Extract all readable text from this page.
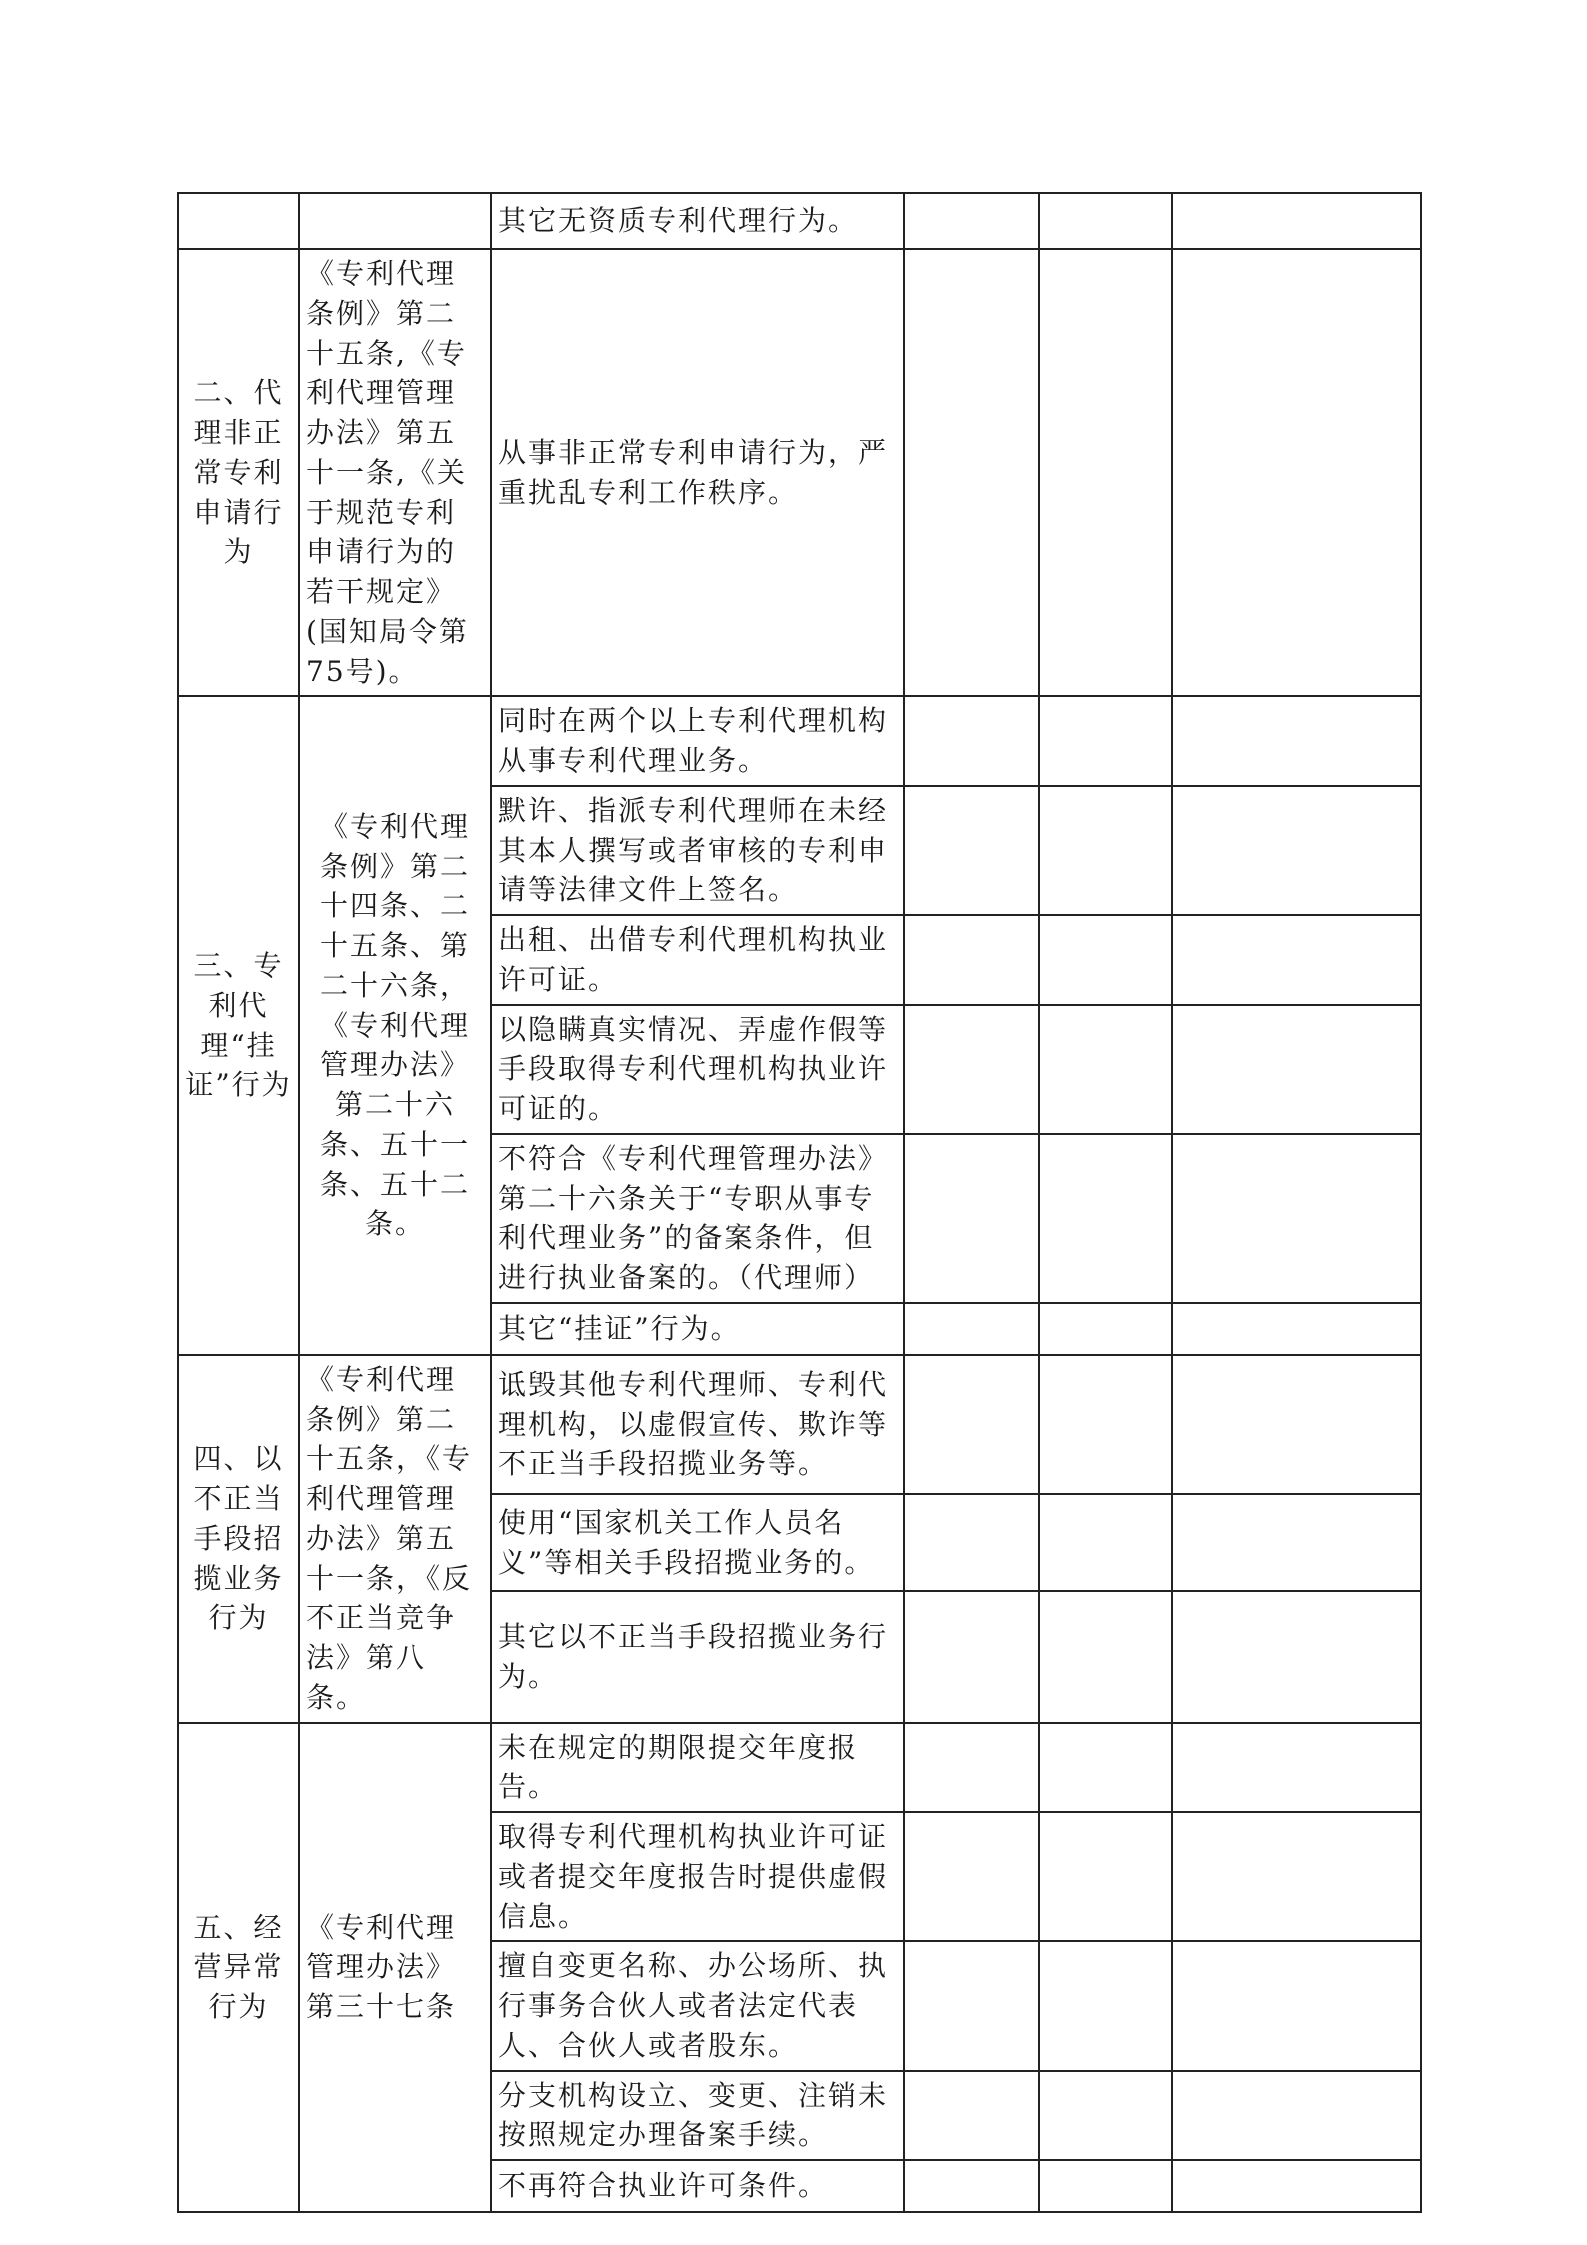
		其它无资质专利代理行为。			
二、代理非正常专利申请行为	《专利代理条例》第二十五条,《专利代理管理办法》第五十一条,《关于规范专利申请行为的若干规定》(国知局令第75号)。	从事非正常专利申请行为，严重扰乱专利工作秩序。			
三、专利代理“挂证”行为	《专利代理条例》第二十四条、二十五条、第二十六条，《专利代理管理办法》第二十六条、五十一条、五十二条。	同时在两个以上专利代理机构从事专利代理业务。			
		默许、指派专利代理师在未经其本人撰写或者审核的专利申请等法律文件上签名。			
		出租、出借专利代理机构执业许可证。			
		以隐瞒真实情况、弄虚作假等手段取得专利代理机构执业许可证的。			
		不符合《专利代理管理办法》第二十六条关于“专职从事专利代理业务”的备案条件，但进行执业备案的。（代理师）			
		其它“挂证”行为。			
四、以不正当手段招揽业务行为	《专利代理条例》第二十五条，《专利代理管理办法》第五十一条，《反不正当竞争法》第八条。	诋毁其他专利代理师、专利代理机构，以虚假宣传、欺诈等不正当手段招揽业务等。			
		使用“国家机关工作人员名义”等相关手段招揽业务的。			
		其它以不正当手段招揽业务行为。			
五、经营异常行为	《专利代理管理办法》第三十七条	未在规定的期限提交年度报告。			
		取得专利代理机构执业许可证或者提交年度报告时提供虚假信息。			
		擅自变更名称、办公场所、执行事务合伙人或者法定代表人、合伙人或者股东。			
		分支机构设立、变更、注销未按照规定办理备案手续。			
		不再符合执业许可条件。			
